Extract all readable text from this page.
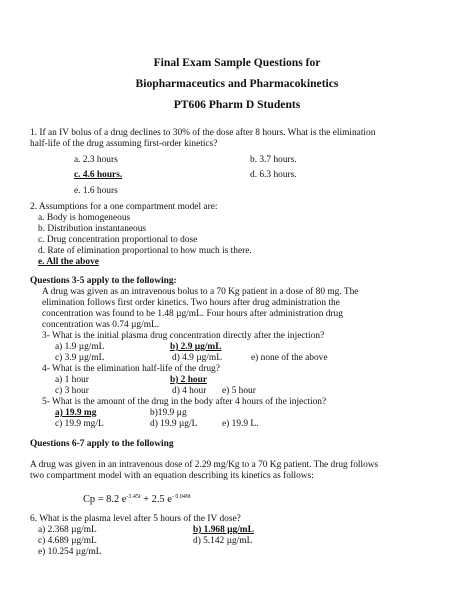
Final Exam Sample Questions for
Biopharmaceutics and Pharmacokinetics
PT606 Pharm D Students
1. If an IV bolus of a drug declines to 30% of the dose after 8 hours. What is the elimination
half-life of the drug assuming first-order kinetics?
a. 2.3 hours	b. 3.7 hours.
c. 4.6 hours.	d. 6.3 hours.
e. 1.6 hours
2. Assumptions for a one compartment model are:
a. Body is homogeneous
b. Distribution instantaneous
c. Drug concentration proportional to dose
d. Rate of elimination proportional to how much is there.
e. All the above
Questions 3-5 apply to the following:
A drug was given as an intravenous bolus to a 70 Kg patient in a dose of 80 mg. The
elimination follows first order kinetics. Two hours after drug administration the
concentration was found to be 1.48 µg/mL. Four hours after administration drug
concentration was 0.74 µg/mL.
3- What is the initial plasma drug concentration directly after the injection?
a) 1.9 µg/mL	b) 2.9 µg/mL
c) 3.9 µg/mL	d) 4.9 µg/mL	e) none of the above
4- What is the elimination half-life of the drug?
a) 1 hour	b) 2 hour
c) 3 hour	d) 4 hour e) 5 hour
5- What is the amount of the drug in the body after 4 hours of the injection?
a) 19.9 mg	b)19.9 µg
c) 19.9 mg/L	d) 19.9 µg/L	e) 19.9 L.
Questions 6-7 apply to the following
A drug was given in an intravenous dose of 2.29 mg/Kg to a 70 Kg patient. The drug follows
two compartment model with an equation describing its kinetics as follows:
Cp = 8.2 $e^{-3.45t} + 2.5$ $e^{- 0.049t}$
6. What is the plasma level after 5 hours of the IV dose?
a) 2.368 µg/mL	b) 1.968 µg/mL
c) 4.689 µg/mL	d) 5.142 µg/mL
e) 10.254 µg/mL
